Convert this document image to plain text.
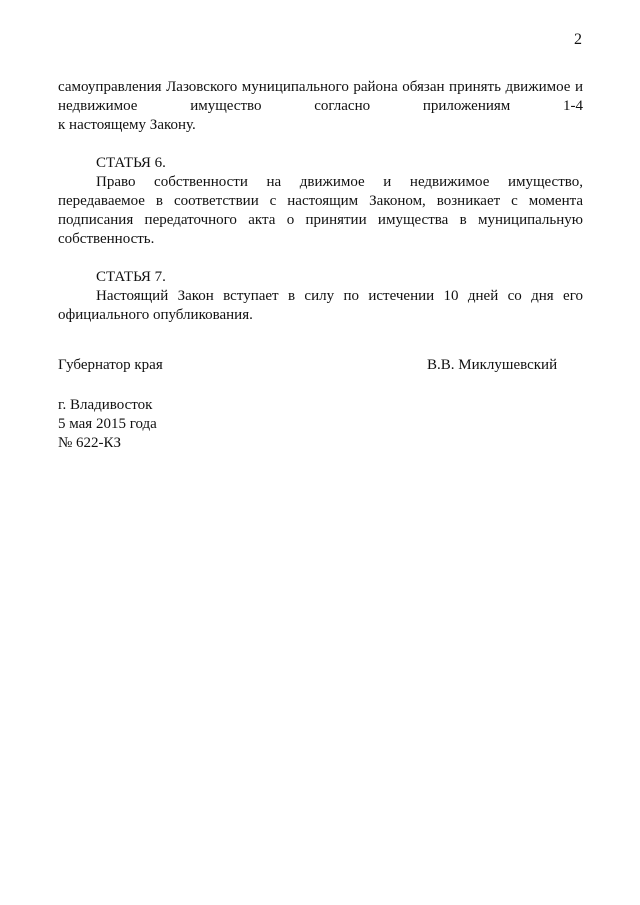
2
самоуправления Лазовского муниципального района обязан принять движимое и
недвижимое имущество согласно приложениям 1-4
к настоящему Закону.
СТАТЬЯ 6.
Право собственности на движимое и недвижимое имущество,
передаваемое в соответствии с настоящим Законом, возникает с момента
подписания передаточного акта о принятии имущества в муниципальную
собственность.
СТАТЬЯ 7.
Настоящий Закон вступает в силу по истечении 10 дней со дня его
официального опубликования.
Губернатор края	В.В. Миклушевский
г. Владивосток
5 мая 2015 года
№ 622-КЗ
